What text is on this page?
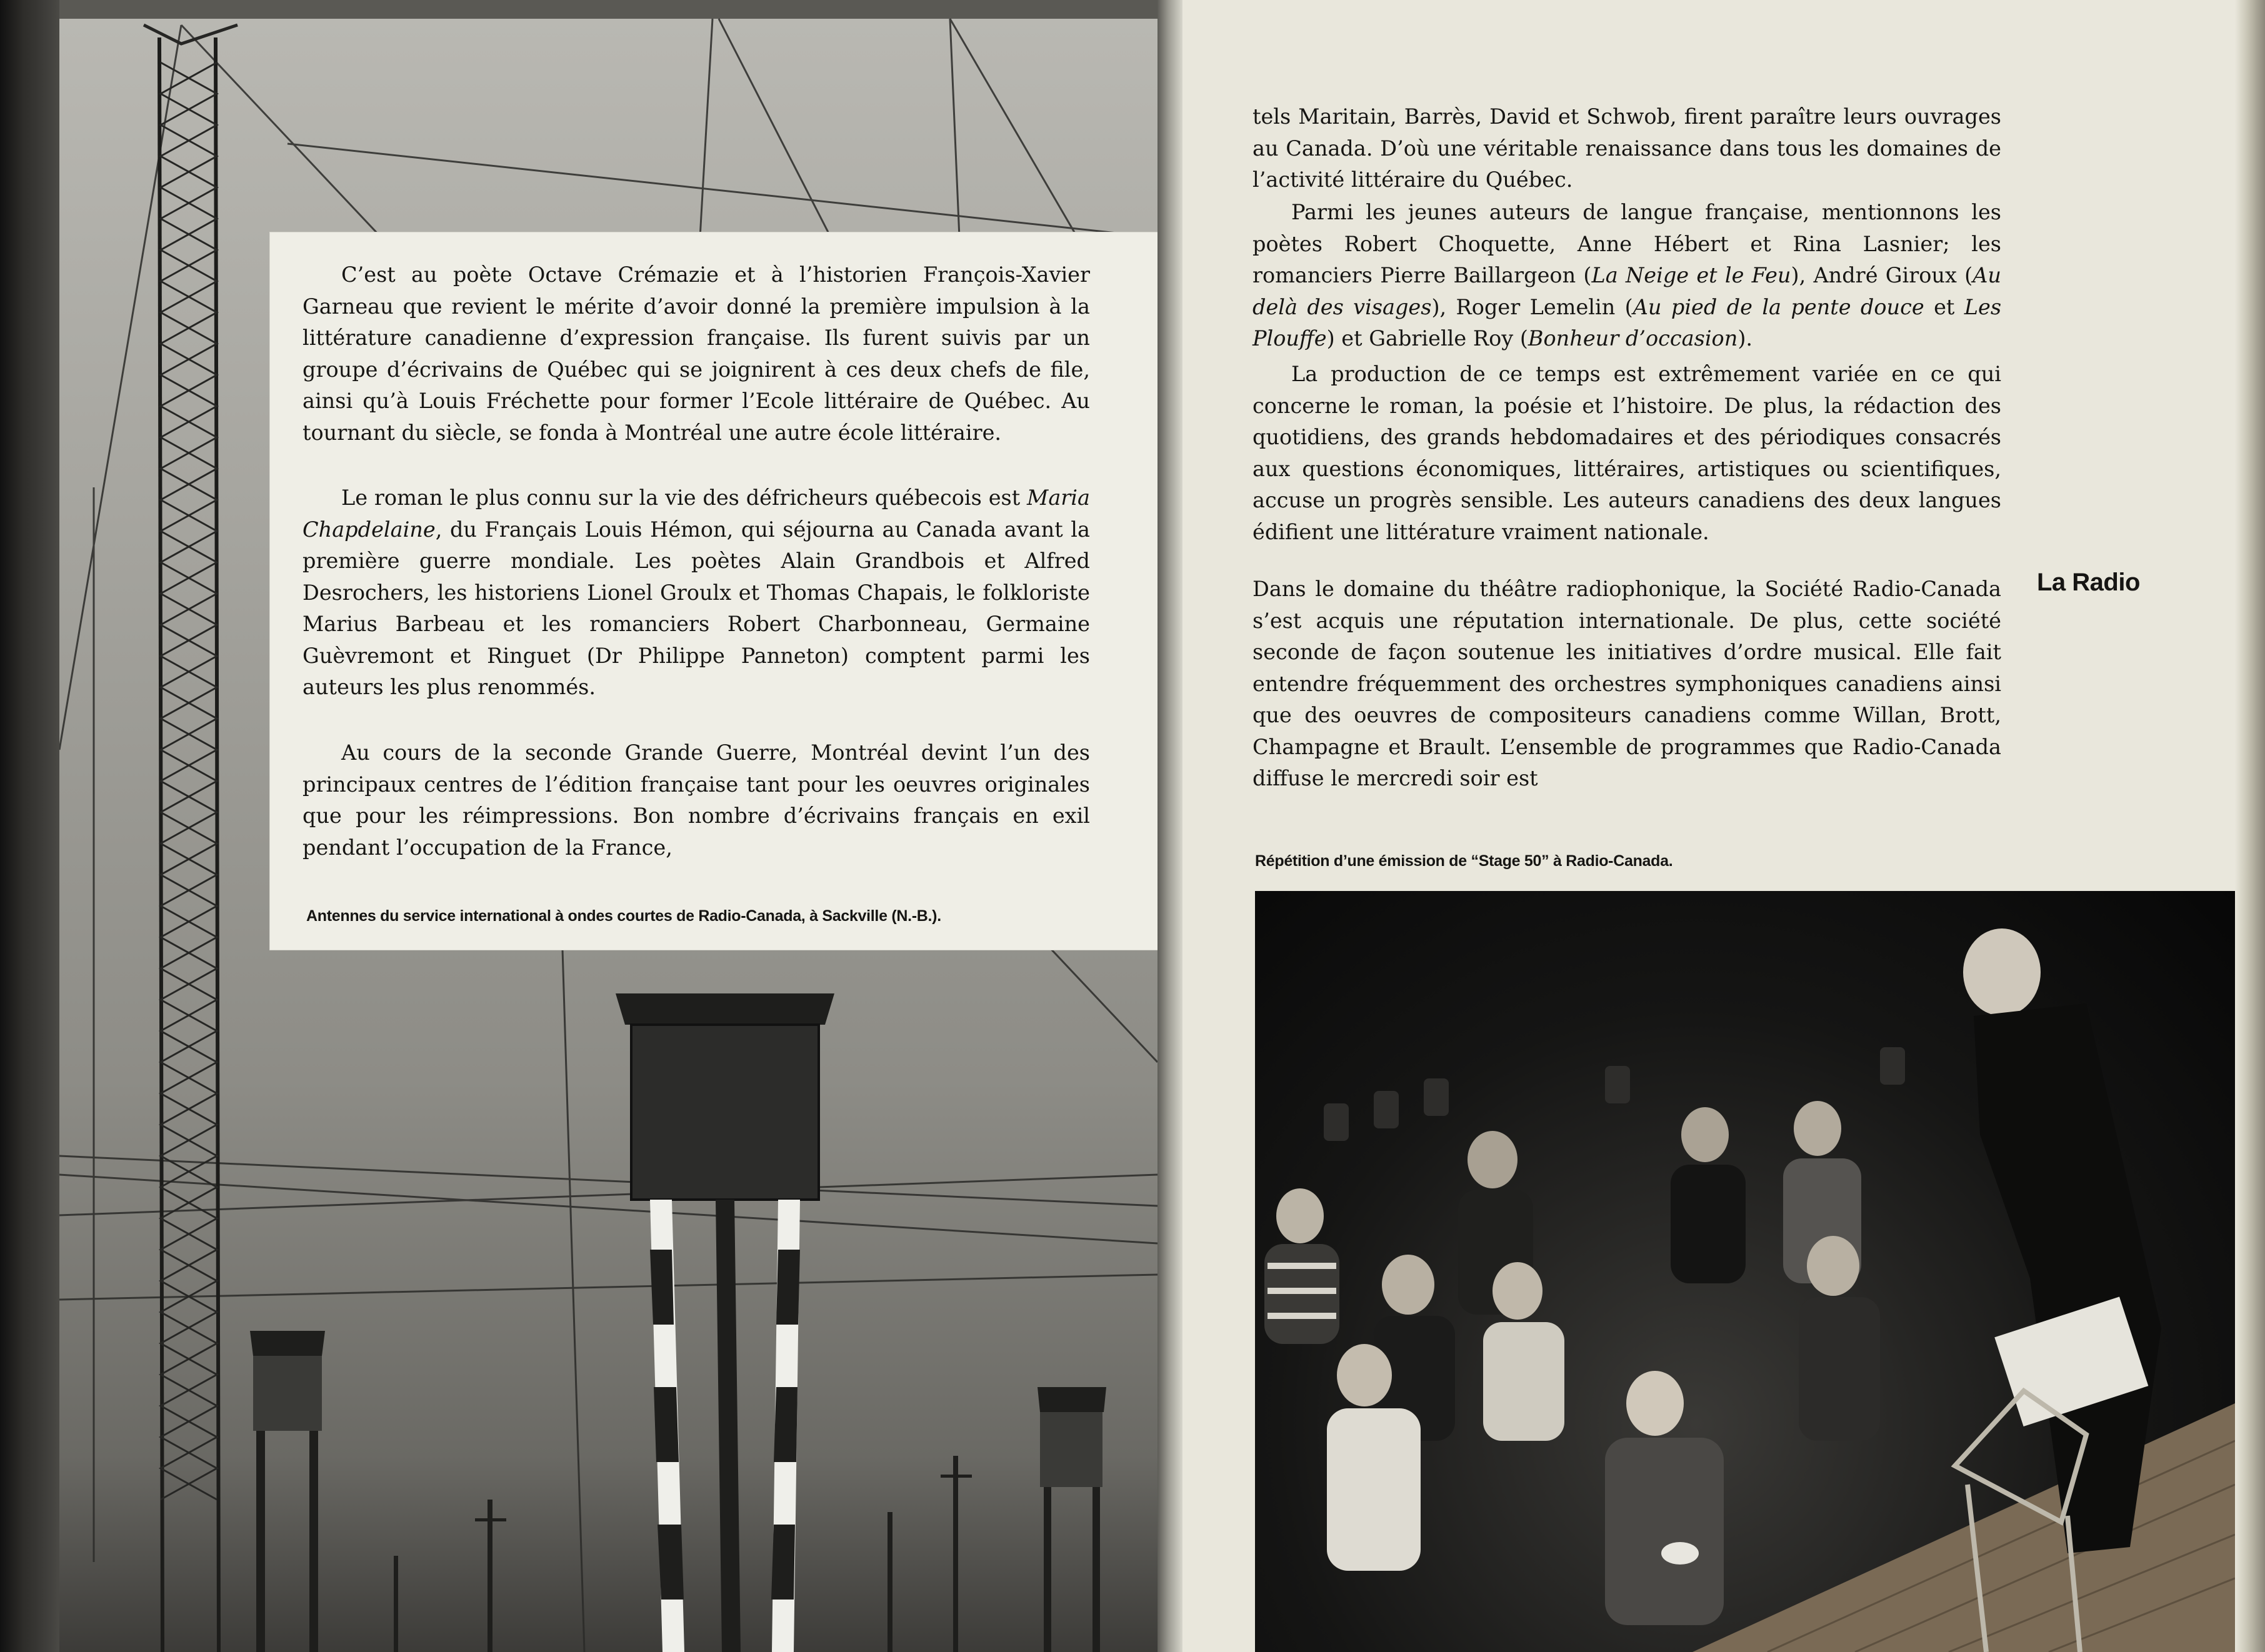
C’est au poète Octave Crémazie et à l’historien François-Xavier Garneau que revient le mérite d’avoir donné la première impulsion à la littérature canadienne d’expression française. Ils furent suivis par un groupe d’écrivains de Québec qui se joignirent à ces deux chefs de file, ainsi qu’à Louis Fréchette pour former l’Ecole littéraire de Québec. Au tournant du siècle, se fonda à Montréal une autre école littéraire.

Le roman le plus connu sur la vie des défricheurs québecois est Maria Chapdelaine, du Français Louis Hémon, qui séjourna au Canada avant la première guerre mondiale. Les poètes Alain Grandbois et Alfred Desrochers, les historiens Lionel Groulx et Thomas Chapais, le folkloriste Marius Barbeau et les romanciers Robert Charbonneau, Germaine Guèvremont et Ringuet (Dr Philippe Panneton) comptent parmi les auteurs les plus renommés.

Au cours de la seconde Grande Guerre, Montréal devint l’un des principaux centres de l’édition française tant pour les oeuvres originales que pour les réimpressions. Bon nombre d’écrivains français en exil pendant l’occupation de la France,

Antennes du service international à ondes courtes de Radio-Canada, à Sackville (N.-B.).

tels Maritain, Barrès, David et Schwob, firent paraître leurs ouvrages au Canada. D’où une véritable renaissance dans tous les domaines de l’activité littéraire du Québec.

Parmi les jeunes auteurs de langue française, mentionnons les poètes Robert Choquette, Anne Hébert et Rina Lasnier; les romanciers Pierre Baillargeon (La Neige et le Feu), André Giroux (Au delà des visages), Roger Lemelin (Au pied de la pente douce et Les Plouffe) et Gabrielle Roy (Bonheur d’occasion).

La production de ce temps est extrêmement variée en ce qui concerne le roman, la poésie et l’histoire. De plus, la rédaction des quotidiens, des grands hebdomadaires et des périodiques consacrés aux questions économiques, littéraires, artistiques ou scientifiques, accuse un progrès sensible. Les auteurs canadiens des deux langues édifient une littérature vraiment nationale.

Dans le domaine du théâtre radiophonique, la Société Radio-Canada s’est acquis une réputation internationale. De plus, cette société seconde de façon soutenue les initiatives d’ordre musical. Elle fait entendre fréquemment des orchestres symphoniques canadiens ainsi que des oeuvres de compositeurs canadiens comme Willan, Brott, Champagne et Brault. L’ensemble de programmes que Radio-Canada diffuse le mercredi soir est

La Radio
Répétition d’une émission de “Stage 50” à Radio-Canada.
